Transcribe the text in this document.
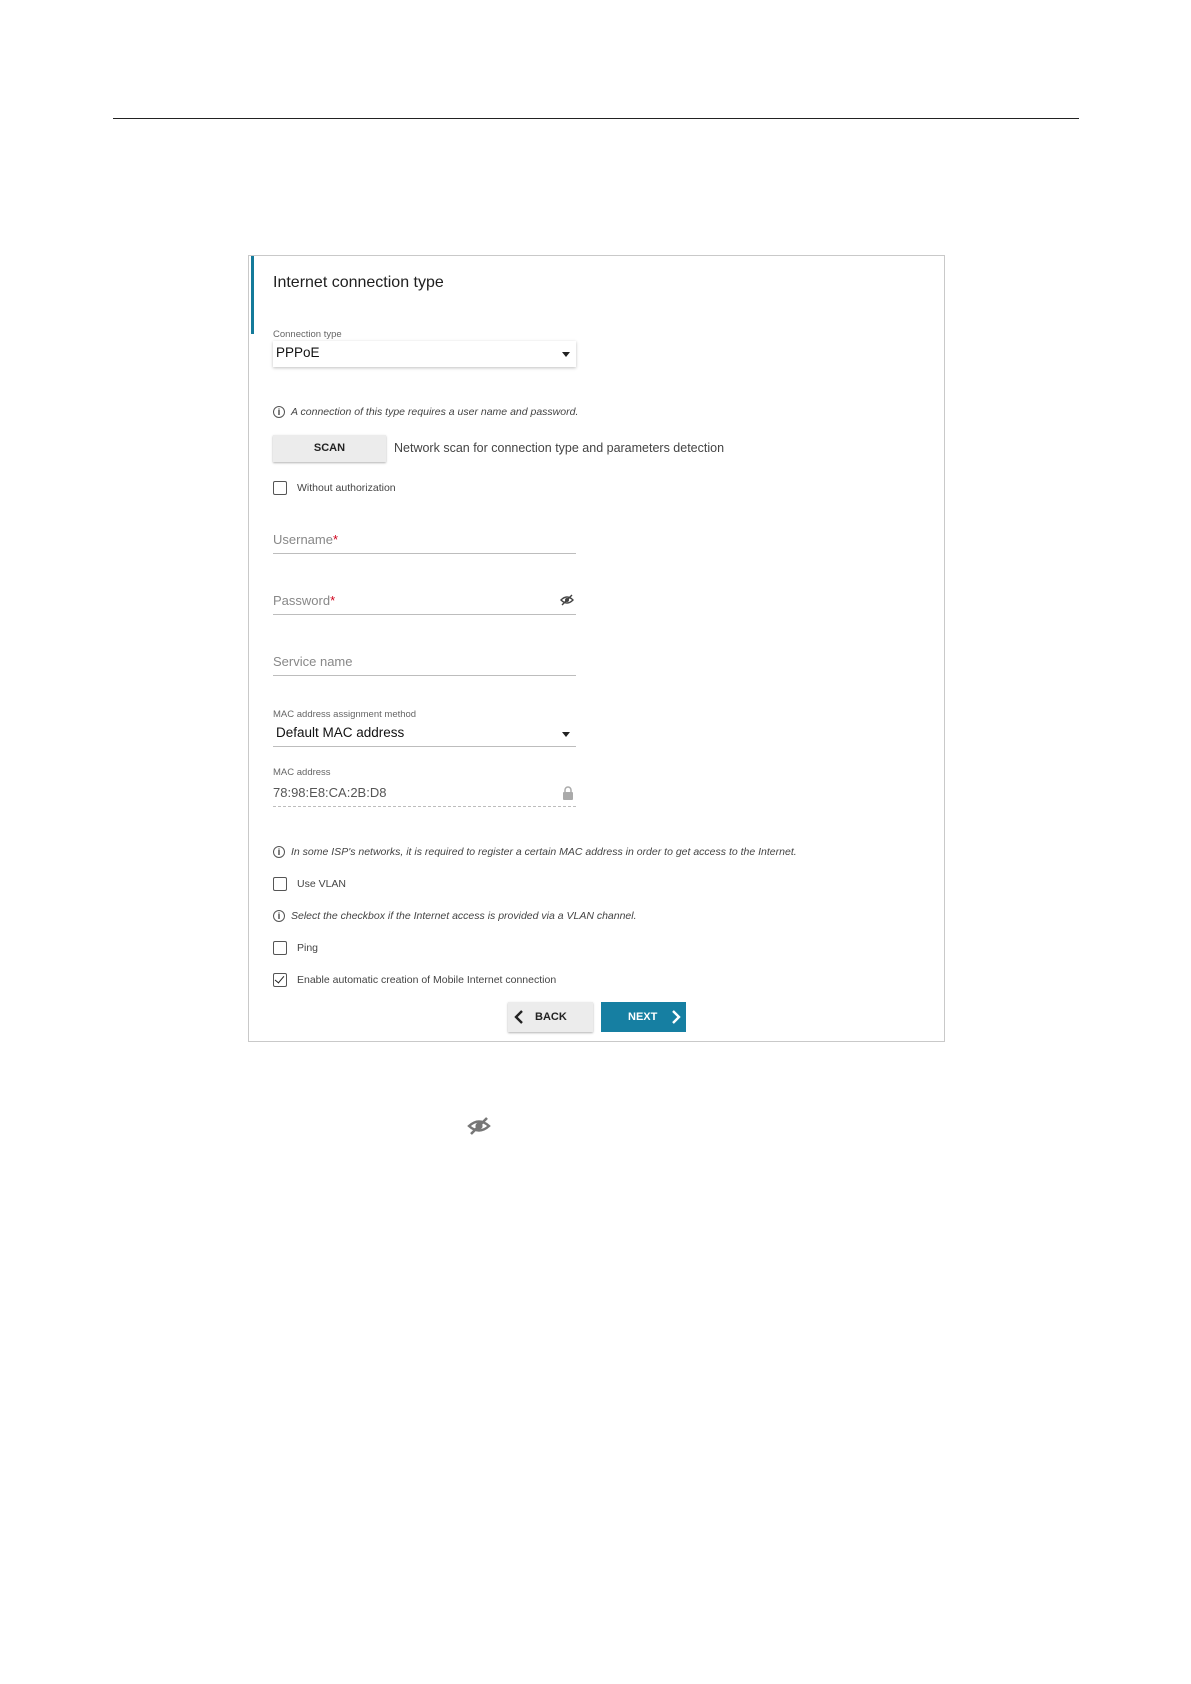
Internet connection type
Connection type
PPPoE
i	A connection of this type requires a user name and password.
SCAN	Network scan for connection type and parameters detection
Without authorization
Username*
Password*
Service name
MAC address assignment method
Default MAC address
MAC address
78:98:E8:CA:2B:D8
i	In some ISP's networks, it is required to register a certain MAC address in order to get access to the Internet.
Use VLAN
i	Select the checkbox if the Internet access is provided via a VLAN channel.
Ping
Enable automatic creation of Mobile Internet connection
BACK	NEXT
